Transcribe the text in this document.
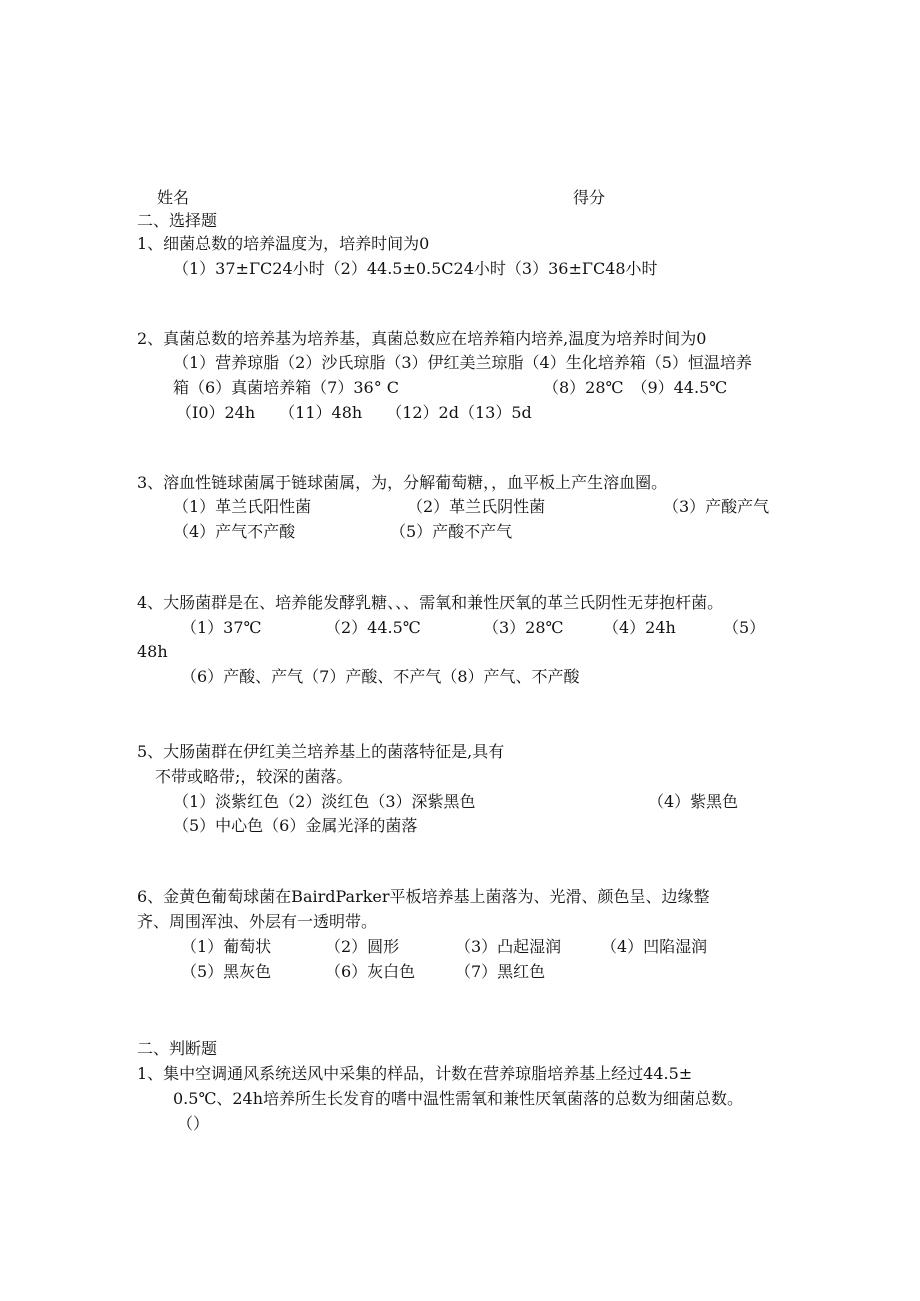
姓名	得分
二、选择题
1、细菌总数的培养温度为，培养时间为0
（1）37±ΓC24小时（2）44.5±0.5C24小时（3）36±ΓC48小时
2、真菌总数的培养基为培养基，真菌总数应在培养箱内培养,温度为培养时间为0
（1）营养琼脂（2）沙氏琼脂（3）伊红美兰琼脂（4）生化培养箱（5）恒温培养
箱（6）真菌培养箱（7）36° C	（8）28℃　（9）44.5℃
（I0）24h　　（11）48h　　（12）2d（13）5d
3、溶血性链球菌属于链球菌属，为，分解葡萄糖，，血平板上产生溶血圈。
（1）革兰氏阳性菌	（2）革兰氏阴性菌	（3）产酸产气
（4）产气不产酸	（5）产酸不产气
4、大肠菌群是在、培养能发酵乳糖、、、需氧和兼性厌氧的革兰氏阴性无芽抱杆菌。
（1）37℃	（2）44.5℃	（3）28℃ （4）24h	（5）
48h
（6）产酸、产气（7）产酸、不产气（8）产气、不产酸
5、大肠菌群在伊红美兰培养基上的菌落特征是,具有
不带或略带;，较深的菌落。
（1）淡紫红色（2）淡红色（3）深紫黑色	（4）紫黑色
（5）中心色（6）金属光泽的菌落
6、金黄色葡萄球菌在BairdParker平板培养基上菌落为、光滑、颜色呈、边缘整
齐、周围浑浊、外层有一透明带。
（1）葡萄状	（2）圆形	（3）凸起湿润 （4）凹陷湿润
（5）黑灰色	（6）灰白色 （7）黑红色
二、判断题
1、集中空调通风系统送风中采集的样品，计数在营养琼脂培养基上经过44.5±
0.5℃、24h培养所生长发育的嗜中温性需氧和兼性厌氧菌落的总数为细菌总数。
（）
